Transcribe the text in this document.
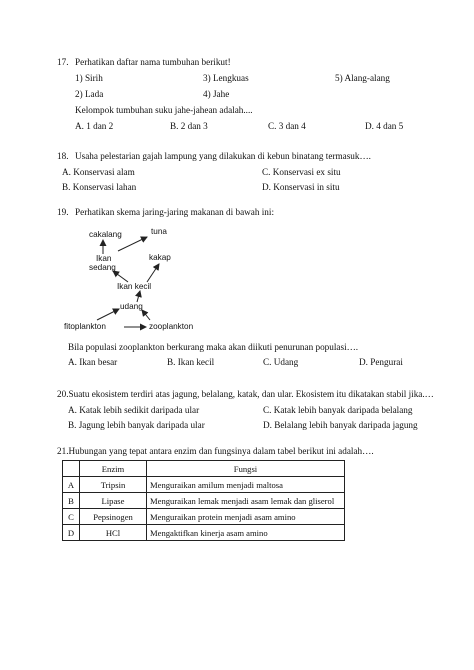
17. Perhatikan daftar nama tumbuhan berikut!
1) Sirih	3) Lengkuas	5) Alang-alang
2) Lada	4) Jahe
Kelompok tumbuhan suku jahe-jahean adalah....
A. 1 dan 2	B. 2 dan 3	C. 3 dan 4	D. 4 dan 5
18. Usaha pelestarian gajah lampung yang dilakukan di kebun binatang termasuk….
A. Konservasi alam	C. Konservasi ex situ
B. Konservasi lahan	D. Konservasi in situ
19. Perhatikan skema jaring-jaring makanan di bawah ini:
cakalang	tuna
Ikan
sedang
kakap
Ikan kecil
udang
fitoplankton	zooplankton
Bila populasi zooplankton berkurang maka akan diikuti penurunan populasi….
A. Ikan besar	B. Ikan kecil	C. Udang	D. Pengurai
20.Suatu ekosistem terdiri atas jagung, belalang, katak, dan ular. Ekosistem itu dikatakan stabil jika.…
A. Katak lebih sedikit daripada ular	C. Katak lebih banyak daripada belalang
B. Jagung lebih banyak daripada ular	D. Belalang lebih banyak daripada jagung
21.Hubungan yang tepat antara enzim dan fungsinya dalam tabel berikut ini adalah….
	Enzim	Fungsi
A	Tripsin	Menguraikan amilum menjadi maltosa
B	Lipase	Menguraikan lemak menjadi asam lemak dan gliserol
C	Pepsinogen	Menguraikan protein menjadi asam amino
D	HCl	Mengaktifkan kinerja asam amino
